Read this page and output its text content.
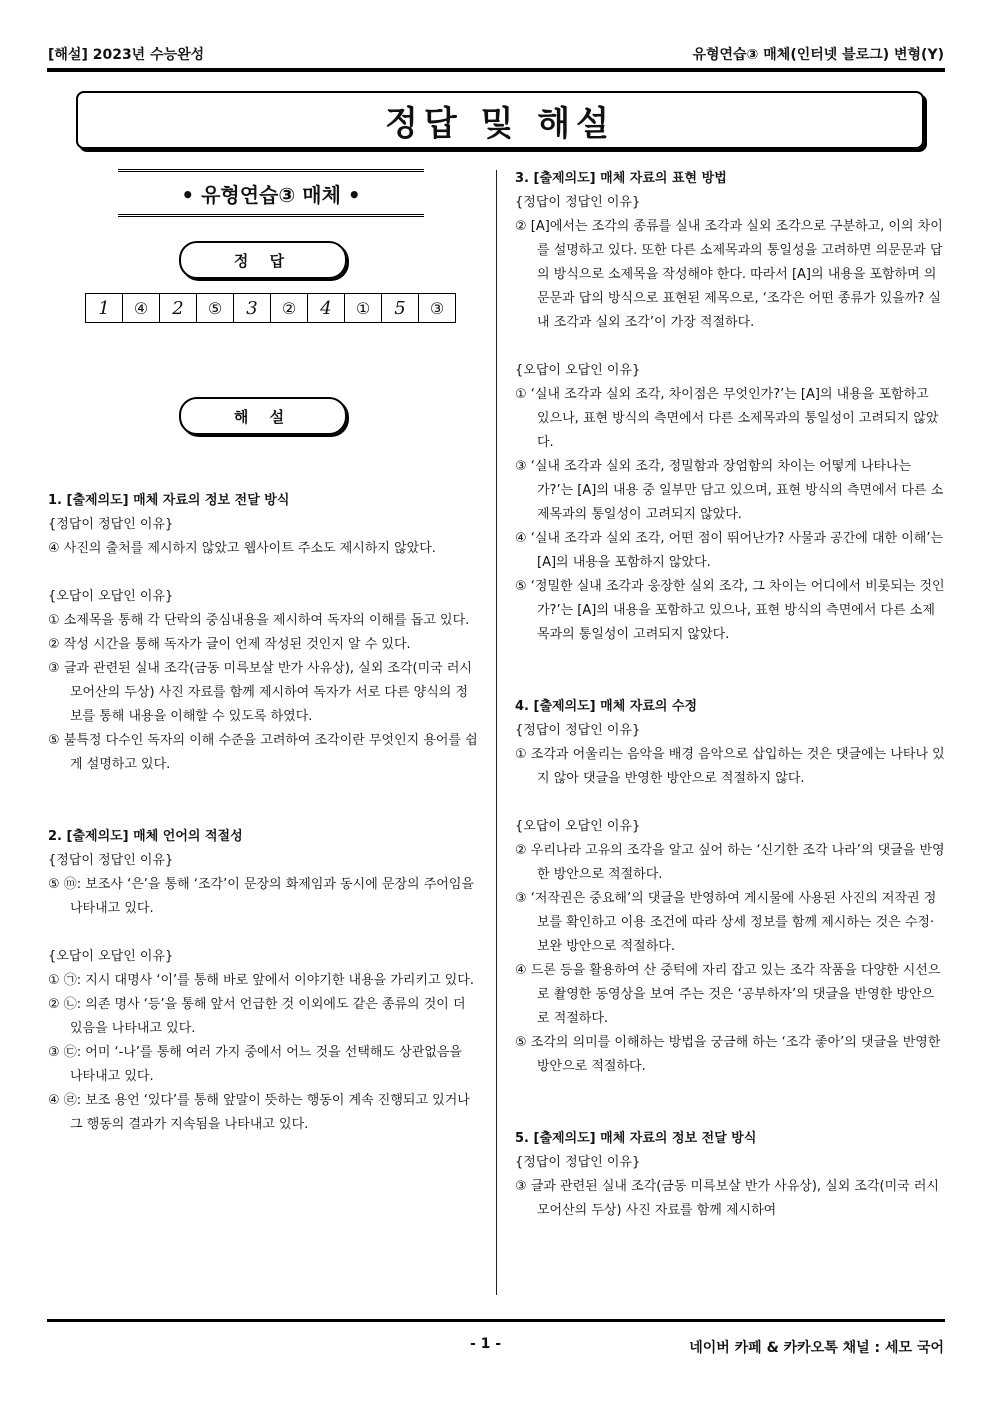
[해설] 2023년 수능완성	유형연습③ 매체(인터넷 블로그) 변형(Y)
정답 및 해설
• 유형연습③ 매체 •
정 답
1	④	2	⑤	3	②	4	①	5	③
해 설

1. [출제의도] 매체 자료의 정보 전달 방식

{정답이 정답인 이유}

④ 사진의 출처를 제시하지 않았고 웹사이트 주소도 제시하지 않았다.

{오답이 오답인 이유}

① 소제목을 통해 각 단락의 중심내용을 제시하여 독자의 이해를 돕고 있다.

② 작성 시간을 통해 독자가 글이 언제 작성된 것인지 알 수 있다.

③ 글과 관련된 실내 조각(금동 미륵보살 반가 사유상), 실외 조각(미국 러시모어산의 두상) 사진 자료를 함께 제시하여 독자가 서로 다른 양식의 정보를 통해 내용을 이해할 수 있도록 하였다.

⑤ 불특정 다수인 독자의 이해 수준을 고려하여 조각이란 무엇인지 용어를 쉽게 설명하고 있다.

2. [출제의도] 매체 언어의 적절성

{정답이 정답인 이유}

⑤ ⓜ: 보조사 ‘은’을 통해 ‘조각’이 문장의 화제임과 동시에 문장의 주어임을 나타내고 있다.

{오답이 오답인 이유}

① ㉠: 지시 대명사 ‘이’를 통해 바로 앞에서 이야기한 내용을 가리키고 있다.

② ㉡: 의존 명사 ‘등’을 통해 앞서 언급한 것 이외에도 같은 종류의 것이 더 있음을 나타내고 있다.

③ ㉢: 어미 ‘-나’를 통해 여러 가지 중에서 어느 것을 선택해도 상관없음을 나타내고 있다.

④ ㉣: 보조 용언 ‘있다’를 통해 앞말이 뜻하는 행동이 계속 진행되고 있거나 그 행동의 결과가 지속됨을 나타내고 있다.

3. [출제의도] 매체 자료의 표현 방법

{정답이 정답인 이유}

② [A]에서는 조각의 종류를 실내 조각과 실외 조각으로 구분하고, 이의 차이를 설명하고 있다. 또한 다른 소제목과의 통일성을 고려하면 의문문과 답의 방식으로 소제목을 작성해야 한다. 따라서 [A]의 내용을 포함하며 의문문과 답의 방식으로 표현된 제목으로, ‘조각은 어떤 종류가 있을까? 실내 조각과 실외 조각’이 가장 적절하다.

{오답이 오답인 이유}

① ‘실내 조각과 실외 조각, 차이점은 무엇인가?’는 [A]의 내용을 포함하고 있으나, 표현 방식의 측면에서 다른 소제목과의 통일성이 고려되지 않았다.

③ ‘실내 조각과 실외 조각, 정밀함과 장엄함의 차이는 어떻게 나타나는가?’는 [A]의 내용 중 일부만 담고 있으며, 표현 방식의 측면에서 다른 소제목과의 통일성이 고려되지 않았다.

④ ‘실내 조각과 실외 조각, 어떤 점이 뛰어난가? 사물과 공간에 대한 이해’는 [A]의 내용을 포함하지 않았다.

⑤ ‘정밀한 실내 조각과 웅장한 실외 조각, 그 차이는 어디에서 비롯되는 것인가?’는 [A]의 내용을 포함하고 있으나, 표현 방식의 측면에서 다른 소제목과의 통일성이 고려되지 않았다.

4. [출제의도] 매체 자료의 수정

{정답이 정답인 이유}

① 조각과 어울리는 음악을 배경 음악으로 삽입하는 것은 댓글에는 나타나 있지 않아 댓글을 반영한 방안으로 적절하지 않다.

{오답이 오답인 이유}

② 우리나라 고유의 조각을 알고 싶어 하는 ‘신기한 조각 나라’의 댓글을 반영한 방안으로 적절하다.

③ ‘저작권은 중요해’의 댓글을 반영하여 게시물에 사용된 사진의 저작권 정보를 확인하고 이용 조건에 따라 상세 정보를 함께 제시하는 것은 수정·보완 방안으로 적절하다.

④ 드론 등을 활용하여 산 중턱에 자리 잡고 있는 조각 작품을 다양한 시선으로 촬영한 동영상을 보여 주는 것은 ‘공부하자’의 댓글을 반영한 방안으로 적절하다.

⑤ 조각의 의미를 이해하는 방법을 궁금해 하는 ‘조각 좋아’의 댓글을 반영한 방안으로 적절하다.

5. [출제의도] 매체 자료의 정보 전달 방식

{정답이 정답인 이유}

③ 글과 관련된 실내 조각(금동 미륵보살 반가 사유상), 실외 조각(미국 러시모어산의 두상) 사진 자료를 함께 제시하여

- 1 -	네이버 카페 & 카카오톡 채널 : 세모 국어
